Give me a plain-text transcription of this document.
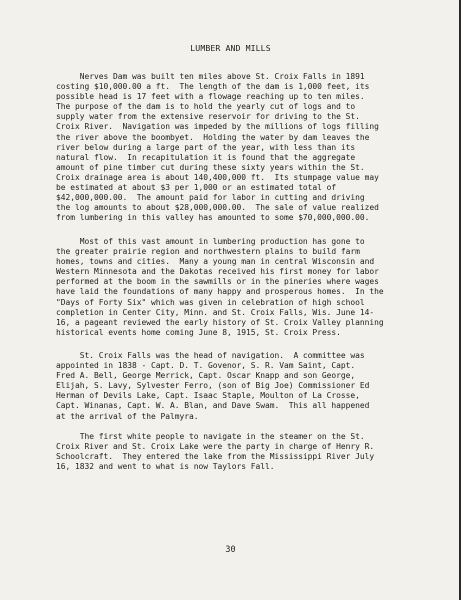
LUMBER AND MILLS
Nerves Dam was built ten miles above St. Croix Falls in 1891
costing $10,000.00 a ft.  The length of the dam is 1,000 feet, its
possible head is 17 feet with a flowage reaching up to ten miles.
The purpose of the dam is to hold the yearly cut of logs and to
supply water from the extensive reservoir for driving to the St.
Croix River.  Navigation was impeded by the millions of logs filling
the river above the boombyet.  Holding the water by dam leaves the
river below during a large part of the year, with less than its
natural flow.  In recapitulation it is found that the aggregate
amount of pine timber cut during these sixty years within the St.
Croix drainage area is about 140,400,000 ft.  Its stumpage value may
be estimated at about $3 per 1,000 or an estimated total of
$42,000,000.00.  The amount paid for labor in cutting and driving
the log amounts to about $28,000,000.00.  The sale of value realized
from lumbering in this valley has amounted to some $70,000,000.00.
Most of this vast amount in lumbering production has gone to
the greater prairie region and northwestern plains to build farm
homes, towns and cities.  Many a young man in central Wisconsin and
Western Minnesota and the Dakotas received his first money for labor
performed at the boom in the sawmills or in the pineries where wages
have laid the foundations of many happy and prosperous homes.  In the
"Days of Forty Six" which was given in celebration of high school
completion in Center City, Minn. and St. Croix Falls, Wis. June 14-
16, a pageant reviewed the early history of St. Croix Valley planning
historical events home coming June 8, 1915, St. Croix Press.
St. Croix Falls was the head of navigation.  A committee was
appointed in 1838 - Capt. D. T. Govenor, S. R. Vam Saint, Capt.
Fred A. Bell, George Merrick, Capt. Oscar Knapp and son George,
Elijah, S. Lavy, Sylvester Ferro, (son of Big Joe) Commissioner Ed
Herman of Devils Lake, Capt. Isaac Staple, Moulton of La Crosse,
Capt. Winanas, Capt. W. A. Blan, and Dave Swam.  This all happened
at the arrival of the Palmyra.
The first white people to navigate in the steamer on the St.
Croix River and St. Croix Lake were the party in charge of Henry R.
Schoolcraft.  They entered the lake from the Mississippi River July
16, 1832 and went to what is now Taylors Fall.
30
